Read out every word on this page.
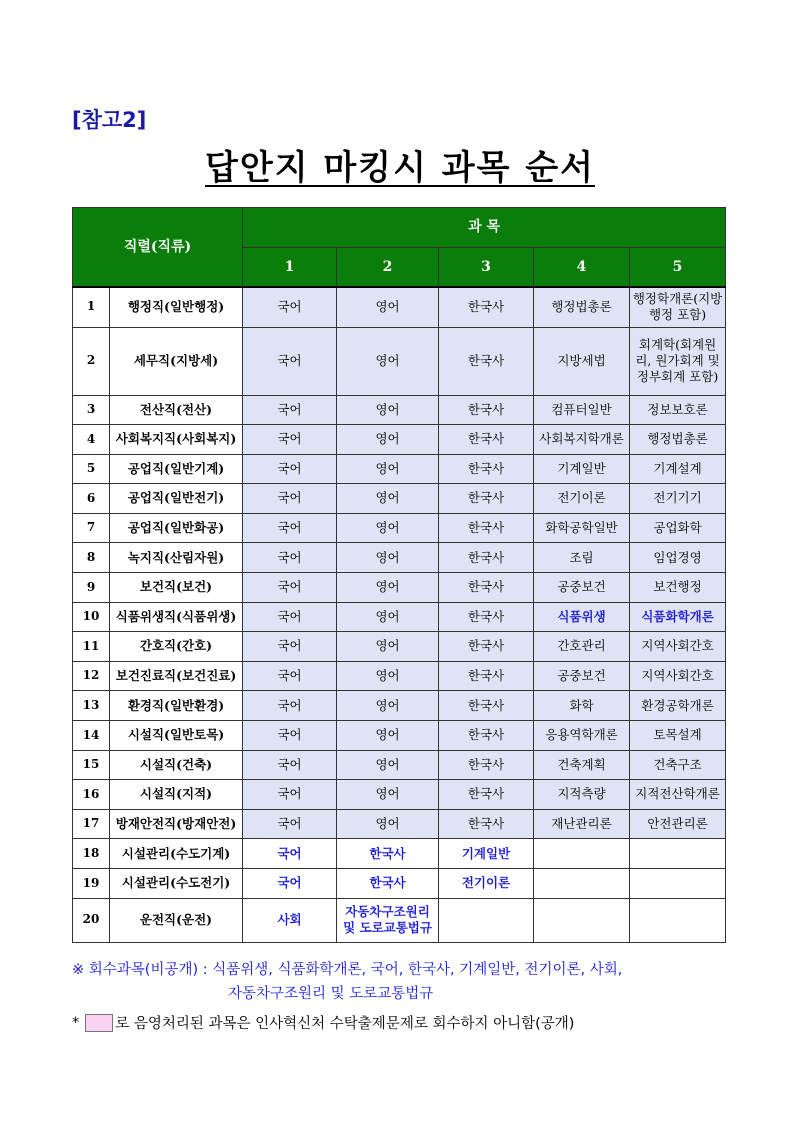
[참고2]
답안지 마킹시 과목 순서
직렬(직류)		과 목				
		1	2	3	4	5
1	행정직(일반행정)	국어	영어	한국사	행정법총론	행정학개론(지방행정 포함)
2	세무직(지방세)	국어	영어	한국사	지방세법	회계학(회계원리, 원가회계 및 정부회계 포함)
3	전산직(전산)	국어	영어	한국사	컴퓨터일반	정보보호론
4	사회복지직(사회복지)	국어	영어	한국사	사회복지학개론	행정법총론
5	공업직(일반기계)	국어	영어	한국사	기계일반	기계설계
6	공업직(일반전기)	국어	영어	한국사	전기이론	전기기기
7	공업직(일반화공)	국어	영어	한국사	화학공학일반	공업화학
8	녹지직(산림자원)	국어	영어	한국사	조림	임업경영
9	보건직(보건)	국어	영어	한국사	공중보건	보건행정
10	식품위생직(식품위생)	국어	영어	한국사	식품위생	식품화학개론
11	간호직(간호)	국어	영어	한국사	간호관리	지역사회간호
12	보건진료직(보건진료)	국어	영어	한국사	공중보건	지역사회간호
13	환경직(일반환경)	국어	영어	한국사	화학	환경공학개론
14	시설직(일반토목)	국어	영어	한국사	응용역학개론	토목설계
15	시설직(건축)	국어	영어	한국사	건축계획	건축구조
16	시설직(지적)	국어	영어	한국사	지적측량	지적전산학개론
17	방재안전직(방재안전)	국어	영어	한국사	재난관리론	안전관리론
18	시설관리(수도기계)	국어	한국사	기계일반		
19	시설관리(수도전기)	국어	한국사	전기이론		
20	운전직(운전)	사회	자동차구조원리 및 도로교통법규			
※ 회수과목(비공개) : 식품위생, 식품화학개론, 국어, 한국사, 기계일반, 전기이론, 사회,
자동차구조원리 및 도로교통법규
* 로 음영처리된 과목은 인사혁신처 수탁출제문제로 회수하지 아니함(공개)
